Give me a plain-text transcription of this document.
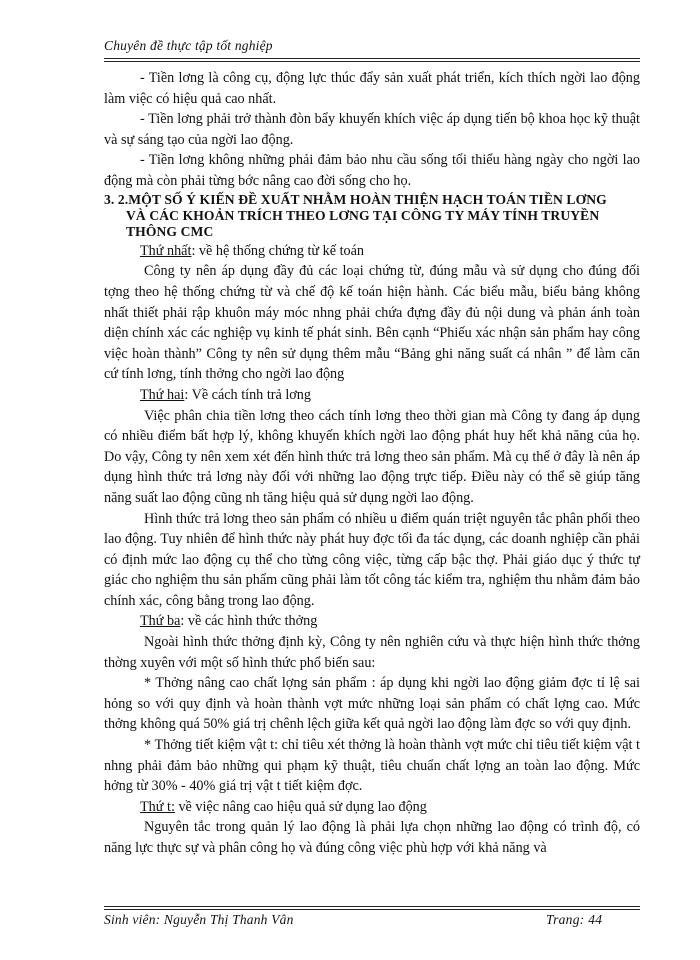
Chuyên đề thực tập tốt nghiệp

- Tiền lơng là công cụ, động lực thúc đẩy sản xuất phát triển, kích thích ngời lao động làm việc có hiệu quả cao nhất.

- Tiền lơng phải trở thành đòn bẩy khuyến khích việc áp dụng tiến bộ khoa học kỹ thuật và sự sáng tạo của ngời lao động.

- Tiền lơng không những phải đảm bảo nhu cầu sống tối thiểu hàng ngày cho ngời lao động mà còn phải từng bớc nâng cao đời sống cho họ.

3. 2.MỘT SỐ Ý KIẾN ĐỀ XUẤT NHẰM HOÀN THIỆN HẠCH TOÁN TIỀN LƠNG
VÀ CÁC KHOẢN TRÍCH THEO LƠNG TẠI CÔNG TY MÁY TÍNH TRUYỀN THÔNG CMC

Thứ nhất: về hệ thống chứng từ kế toán

Công ty nên áp dụng đầy đủ các loại chứng từ, đúng mẫu và sử dụng cho đúng đối tợng theo hệ thống chứng từ và chế độ kế toán hiện hành. Các biểu mẫu, biểu bảng không nhất thiết phải rập khuôn máy móc nhng phải chứa đựng đầy đủ nội dung và phản ánh toàn diện chính xác các nghiệp vụ kinh tế phát sinh. Bên cạnh “Phiếu xác nhận sản phẩm hay công việc hoàn thành” Công ty nên sử dụng thêm mẫu “Bảng ghi năng suất cá nhân ” để làm căn cứ tính lơng, tính thởng cho ngời lao động

Thứ hai: Về cách tính trả lơng

Việc phân chia tiền lơng theo cách tính lơng theo thời gian mà Công ty đang áp dụng có nhiều điểm bất hợp lý, không khuyến khích ngời lao động phát huy hết khả năng của họ. Do vậy, Công ty nên xem xét đến hình thức trả lơng theo sản phẩm. Mà cụ thể ở đây là nên áp dụng hình thức trả lơng này đối với những lao động trực tiếp. Điều này có thể sẽ giúp tăng năng suất lao động cũng nh tăng hiệu quả sử dụng ngời lao động.

Hình thức trả lơng theo sản phẩm có nhiều u điểm quán triệt nguyên tắc phân phối theo lao động. Tuy nhiên để hình thức này phát huy đợc tối đa tác dụng, các doanh nghiệp cần phải có định mức lao động cụ thể cho từng công việc, từng cấp bậc thợ. Phải giáo dục ý thức tự giác cho nghiệm thu sản phẩm cũng phải làm tốt công tác kiểm tra, nghiệm thu nhằm đảm bảo chính xác, công bằng trong lao động.

Thứ ba: về các hình thức thởng

Ngoài hình thức thởng định kỳ, Công ty nên nghiên cứu và thực hiện hình thức thởng thờng xuyên với một số hình thức phổ biến sau:

* Thởng nâng cao chất lợng sản phẩm : áp dụng khi ngời lao động giảm đợc tỉ lệ sai hỏng so với quy định và hoàn thành vợt mức những loại sản phẩm có chất lợng cao. Mức thởng không quá 50% giá trị chênh lệch giữa kết quả ngời lao động làm đợc so với quy định.

* Thởng tiết kiệm vật t: chỉ tiêu xét thởng là hoàn thành vợt mức chỉ tiêu tiết kiệm vật t nhng phải đảm bảo những qui phạm kỹ thuật, tiêu chuẩn chất lợng an toàn lao động. Mức hởng từ 30% - 40% giá trị vật t tiết kiệm đợc.

Thứ t: về việc nâng cao hiệu quả sử dụng lao động

Nguyên tắc trong quản lý lao động là phải lựa chọn những lao động có trình độ, có năng lực thực sự và phân công họ và đúng công việc phù hợp với khả năng và

Sinh viên: Nguyễn Thị Thanh Vân	Trang: 44
